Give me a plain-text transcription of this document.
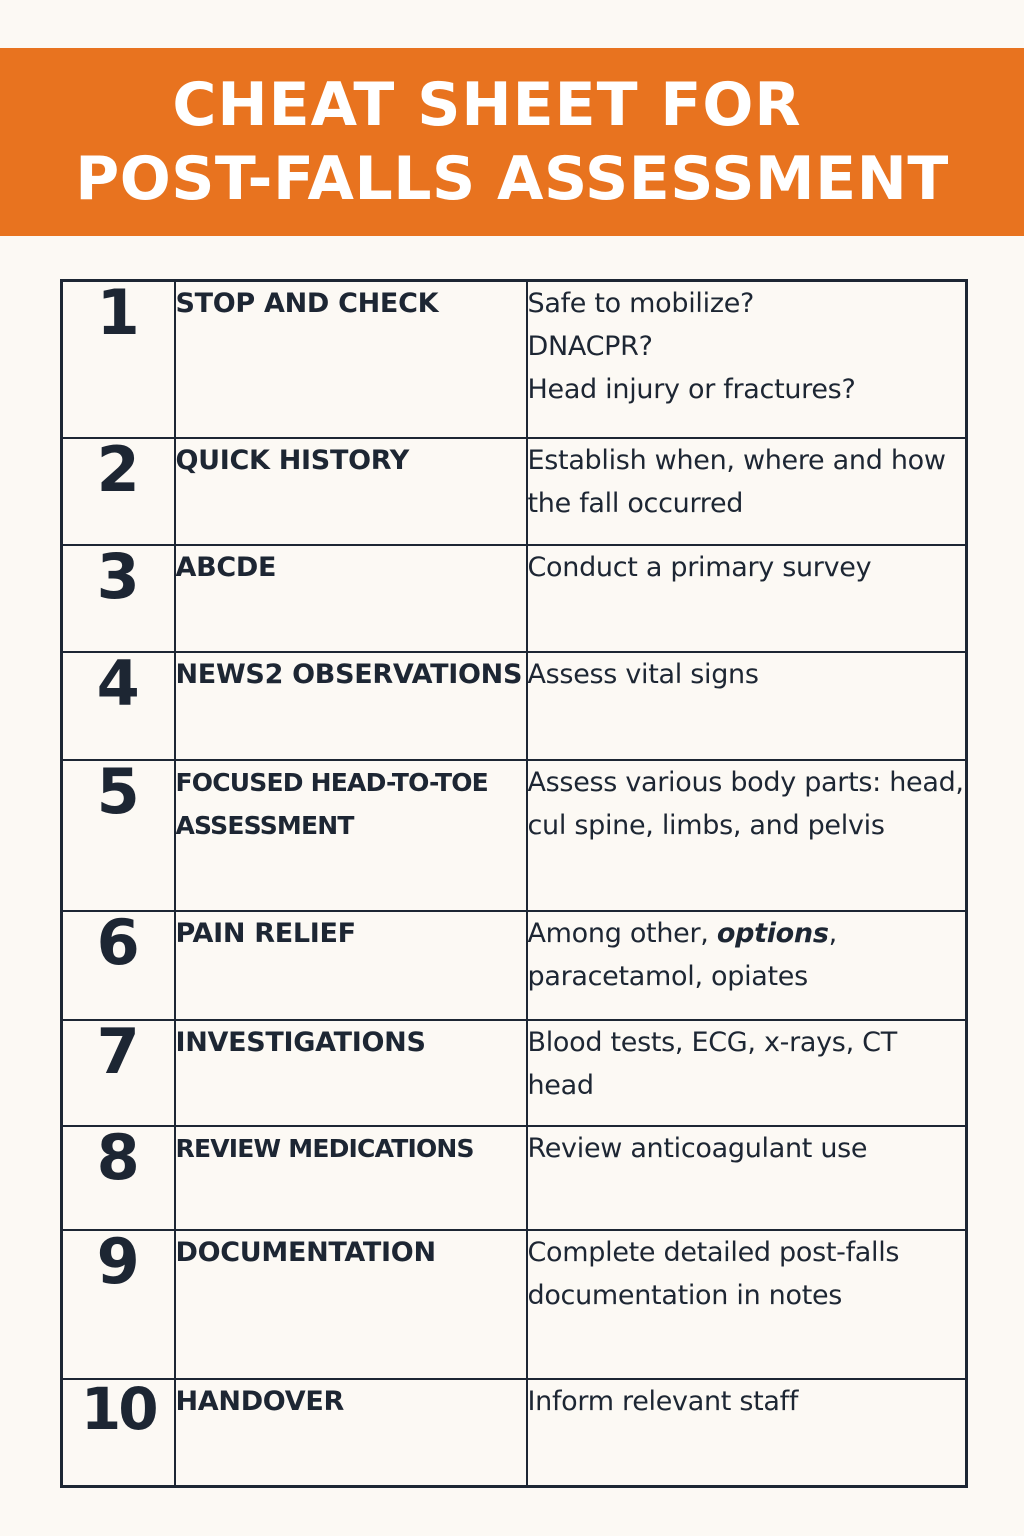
CHEAT SHEET FOR
POST-FALLS ASSESSMENT
1	STOP AND CHECK	Safe to mobilize?
DNACPR?
Head injury or fractures?
2	QUICK HISTORY	Establish when, where and how the fall occurred
3	ABCDE	Conduct a primary survey
4	NEWS2 OBSERVATIONS	Assess vital signs
5	FOCUSED HEAD-TO-TOE ASSESSMENT	Assess various body parts: head, cul spine, limbs, and pelvis
6	PAIN RELIEF	Among other, options, paracetamol, opiates
7	INVESTIGATIONS	Blood tests, ECG, x-rays, CT head
8	REVIEW MEDICATIONS	Review anticoagulant use
9	DOCUMENTATION	Complete detailed post-falls documentation in notes
10	HANDOVER	Inform relevant staff
